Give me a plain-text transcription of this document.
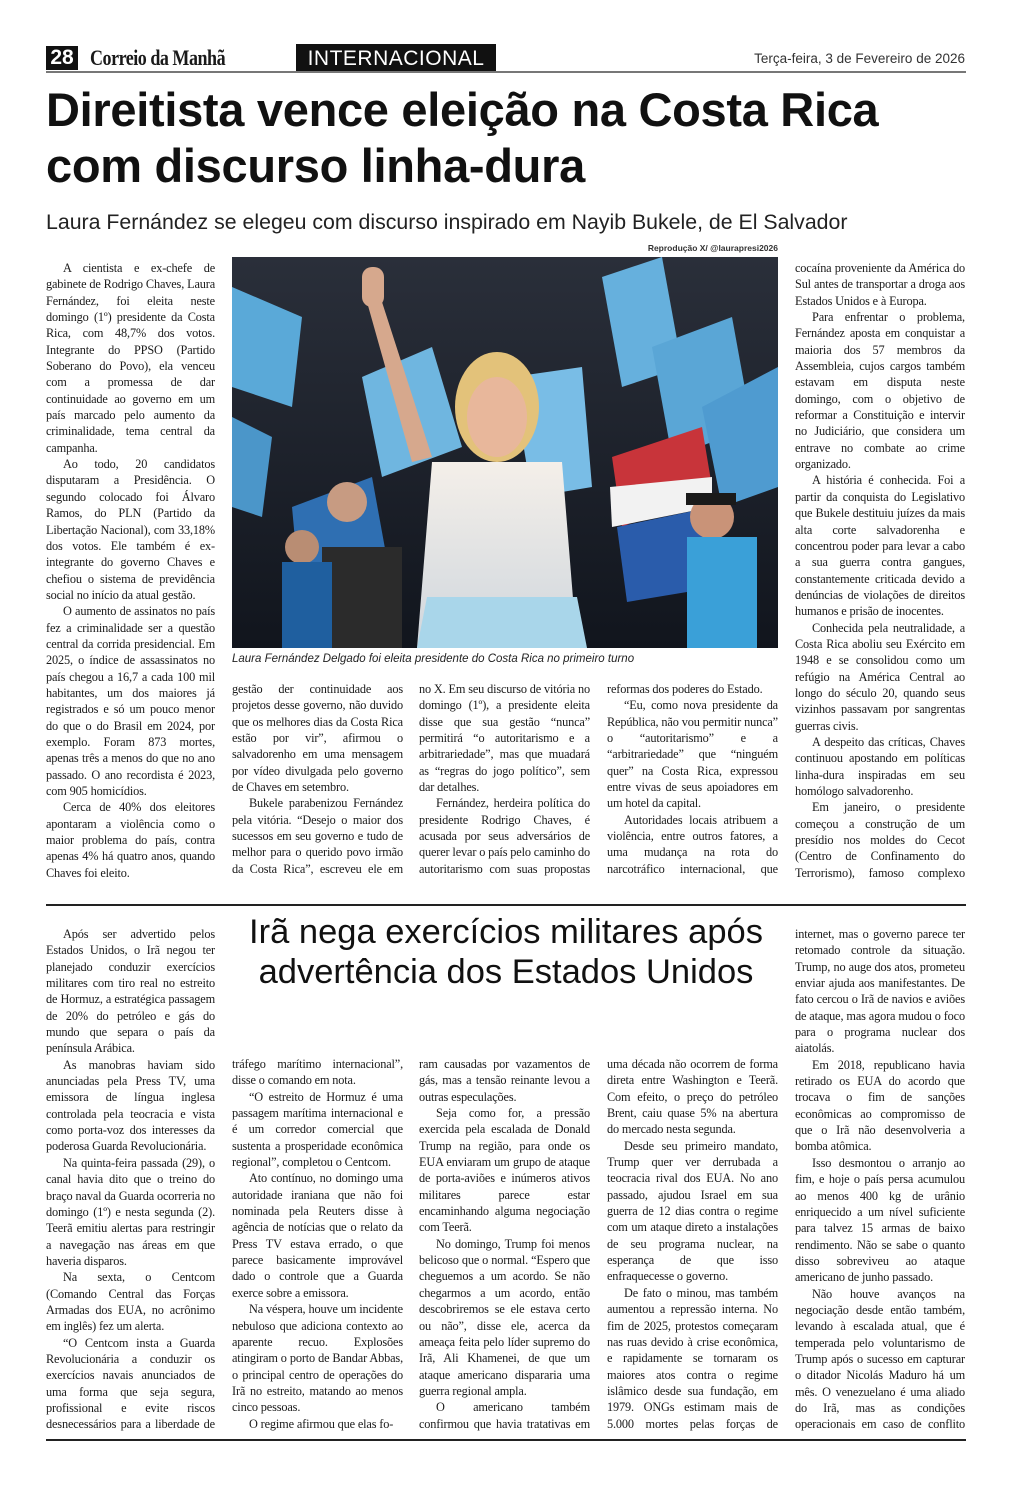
28 Correio da Manhã	INTERNACIONAL	Terça-feira, 3 de Fevereiro de 2026
Direitista vence eleição na Costa Rica com discurso linha-dura
Laura Fernández se elegeu com discurso inspirado em Nayib Bukele, de El Salvador
Reprodução X/ @laurapresi2026
Laura Fernández Delgado foi eleita presidente do Costa Rica no primeiro turno

A cientista e ex-chefe de gabinete de Rodrigo Chaves, Laura Fernández, foi eleita neste domingo (1º) presidente da Costa Rica, com 48,7% dos votos. Integrante do PPSO (Partido Soberano do Povo), ela venceu com a promessa de dar continuidade ao governo em um país marcado pelo aumento da criminalidade, tema central da campanha.

Ao todo, 20 candidatos disputaram a Presidência. O segundo colocado foi Álvaro Ramos, do PLN (Partido da Libertação Nacional), com 33,18% dos votos. Ele também é ex-integrante do governo Chaves e chefiou o sistema de previdência social no início da atual gestão.

O aumento de assinatos no país fez a criminalidade ser a questão central da corrida presidencial. Em 2025, o índice de assassinatos no país chegou a 16,7 a cada 100 mil habitantes, um dos maiores já registrados e só um pouco menor do que o do Brasil em 2024, por exemplo. Foram 873 mortes, apenas três a menos do que no ano passado. O ano recordista é 2023, com 905 homicídios.

Cerca de 40% dos eleitores apontaram a violência como o maior problema do país, contra apenas 4% há quatro anos, quando Chaves foi eleito.

gestão der continuidade aos projetos desse governo, não duvido que os melhores dias da Costa Rica estão por vir”, afirmou o salvadorenho em uma mensagem por vídeo divulgada pelo governo de Chaves em setembro.

Bukele parabenizou Fernández pela vitória. “Desejo o maior dos sucessos em seu governo e tudo de melhor para o querido povo irmão da Costa Rica”, escreveu ele em

no X. Em seu discurso de vitória no domingo (1º), a presidente eleita disse que sua gestão “nunca” permitirá “o autoritarismo e a arbitrariedade”, mas que muadará as “regras do jogo político”, sem dar detalhes.

Fernández, herdeira política do presidente Rodrigo Chaves, é acusada por seus adversários de querer levar o país pelo caminho do autoritarismo com suas propostas

reformas dos poderes do Estado.

“Eu, como nova presidente da República, não vou permitir nunca” o “autoritarismo” e a “arbitrariedade” que “ninguém quer” na Costa Rica, expressou entre vivas de seus apoiadores em um hotel da capital.

Autoridades locais atribuem a violência, entre outros fatores, a uma mudança na rota do narcotráfico internacional, que

cocaína proveniente da América do Sul antes de transportar a droga aos Estados Unidos e à Europa.

Para enfrentar o problema, Fernández aposta em conquistar a maioria dos 57 membros da Assembleia, cujos cargos também estavam em disputa neste domingo, com o objetivo de reformar a Constituição e intervir no Judiciário, que considera um entrave no combate ao crime organizado.

A história é conhecida. Foi a partir da conquista do Legislativo que Bukele destituiu juízes da mais alta corte salvadorenha e concentrou poder para levar a cabo a sua guerra contra gangues, constantemente criticada devido a denúncias de violações de direitos humanos e prisão de inocentes.

Conhecida pela neutralidade, a Costa Rica aboliu seu Exército em 1948 e se consolidou como um refúgio na América Central ao longo do século 20, quando seus vizinhos passavam por sangrentas guerras civis.

A despeito das críticas, Chaves continuou apostando em políticas linha-dura inspiradas em seu homólogo salvadorenho.

Em janeiro, o presidente começou a construção de um presídio nos moldes do Cecot (Centro de Confinamento do Terrorismo), famoso complexo

Irã nega exercícios militares após advertência dos Estados Unidos

Após ser advertido pelos Estados Unidos, o Irã negou ter planejado conduzir exercícios militares com tiro real no estreito de Hormuz, a estratégica passagem de 20% do petróleo e gás do mundo que separa o país da península Arábica.

As manobras haviam sido anunciadas pela Press TV, uma emissora de língua inglesa controlada pela teocracia e vista como porta-voz dos interesses da poderosa Guarda Revolucionária.

Na quinta-feira passada (29), o canal havia dito que o treino do braço naval da Guarda ocorreria no domingo (1º) e nesta segunda (2). Teerã emitiu alertas para restringir a navegação nas áreas em que haveria disparos.

Na sexta, o Centcom (Comando Central das Forças Armadas dos EUA, no acrônimo em inglês) fez um alerta.

“O Centcom insta a Guarda Revolucionária a conduzir os exercícios navais anunciados de uma forma que seja segura, profissional e evite riscos desnecessários para a liberdade de

tráfego marítimo internacional”, disse o comando em nota.

“O estreito de Hormuz é uma passagem marítima internacional e é um corredor comercial que sustenta a prosperidade econômica regional”, completou o Centcom.

Ato contínuo, no domingo uma autoridade iraniana que não foi nominada pela Reuters disse à agência de notícias que o relato da Press TV estava errado, o que parece basicamente improvável dado o controle que a Guarda exerce sobre a emissora.

Na véspera, houve um incidente nebuloso que adiciona contexto ao aparente recuo. Explosões atingiram o porto de Bandar Abbas, o principal centro de operações do Irã no estreito, matando ao menos cinco pessoas.

O regime afirmou que elas fo-

ram causadas por vazamentos de gás, mas a tensão reinante levou a outras especulações.

Seja como for, a pressão exercida pela escalada de Donald Trump na região, para onde os EUA enviaram um grupo de ataque de porta-aviões e inúmeros ativos militares parece estar encaminhando alguma negociação com Teerã.

No domingo, Trump foi menos belicoso que o normal. “Espero que cheguemos a um acordo. Se não chegarmos a um acordo, então descobriremos se ele estava certo ou não”, disse ele, acerca da ameaça feita pelo líder supremo do Irã, Ali Khamenei, de que um ataque americano dispararia uma guerra regional ampla.

O americano também confirmou que havia tratativas em

uma década não ocorrem de forma direta entre Washington e Teerã. Com efeito, o preço do petróleo Brent, caiu quase 5% na abertura do mercado nesta segunda.

Desde seu primeiro mandato, Trump quer ver derrubada a teocracia rival dos EUA. No ano passado, ajudou Israel em sua guerra de 12 dias contra o regime com um ataque direto a instalações de seu programa nuclear, na esperança de que isso enfraquecesse o governo.

De fato o minou, mas também aumentou a repressão interna. No fim de 2025, protestos começaram nas ruas devido à crise econômica, e rapidamente se tornaram os maiores atos contra o regime islâmico desde sua fundação, em 1979. ONGs estimam mais de 5.000 mortes pelas forças de

internet, mas o governo parece ter retomado controle da situação. Trump, no auge dos atos, prometeu enviar ajuda aos manifestantes. De fato cercou o Irã de navios e aviões de ataque, mas agora mudou o foco para o programa nuclear dos aiatolás.

Em 2018, republicano havia retirado os EUA do acordo que trocava o fim de sanções econômicas ao compromisso de que o Irã não desenvolveria a bomba atômica.

Isso desmontou o arranjo ao fim, e hoje o país persa acumulou ao menos 400 kg de urânio enriquecido a um nível suficiente para talvez 15 armas de baixo rendimento. Não se sabe o quanto disso sobreviveu ao ataque americano de junho passado.

Não houve avanços na negociação desde então também, levando à escalada atual, que é temperada pelo voluntarismo de Trump após o sucesso em capturar o ditador Nicolás Maduro há um mês. O venezuelano é uma aliado do Irã, mas as condições operacionais em caso de conflito
